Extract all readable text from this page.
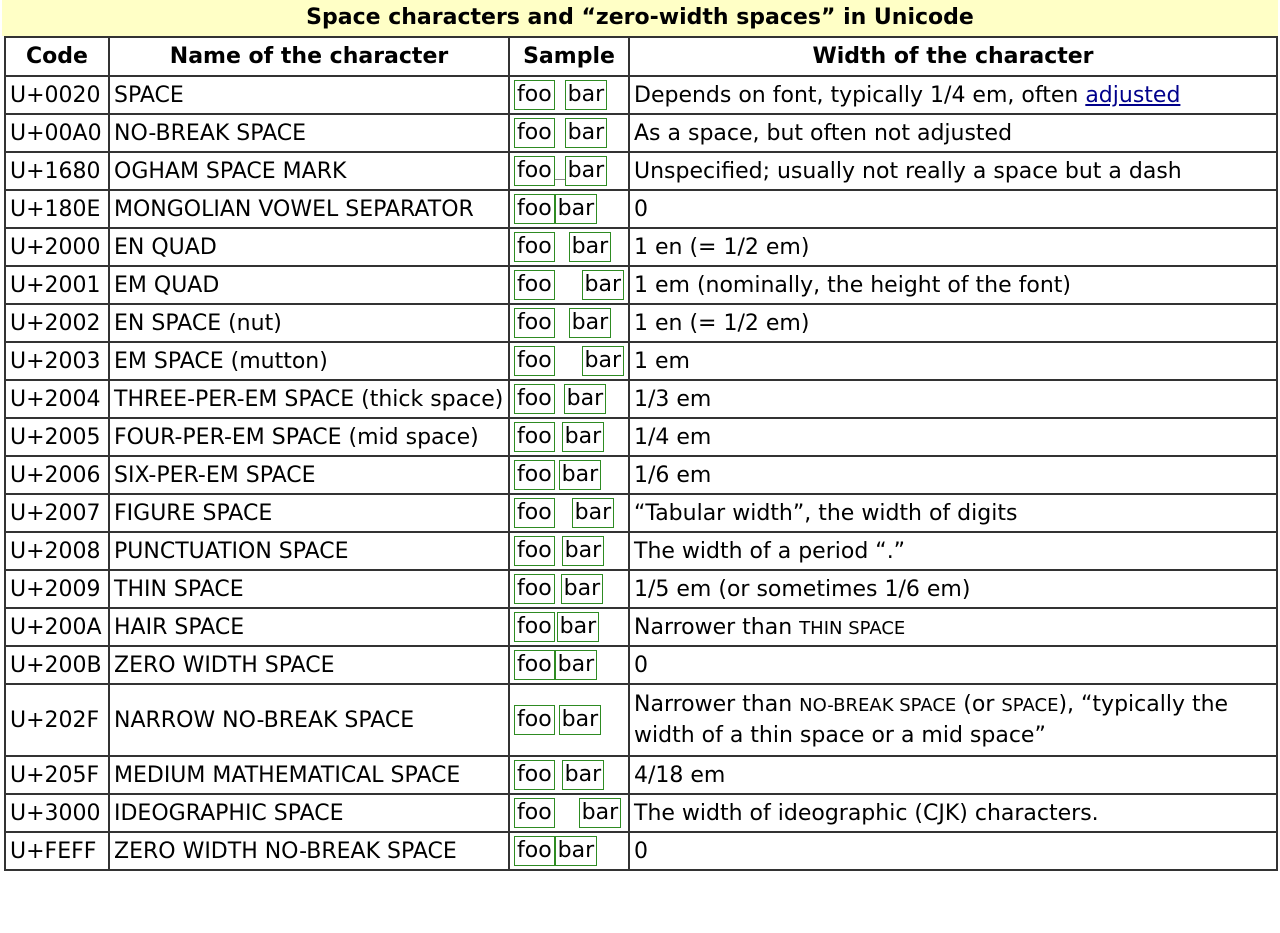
Space characters and “zero-width spaces” in Unicode
Code	Name of the character	Sample	Width of the character
U+0020	SPACE	foo bar	Depends on font, typically 1/4 em, often adjusted
U+00A0	NO-BREAK SPACE	foo bar	As a space, but often not adjusted
U+1680	OGHAM SPACE MARK	foo bar	Unspecified; usually not really a space but a dash
U+180E	MONGOLIAN VOWEL SEPARATOR	foo bar	0
U+2000	EN QUAD	foo bar	1 en (= 1/2 em)
U+2001	EM QUAD	foo bar	1 em (nominally, the height of the font)
U+2002	EN SPACE (nut)	foo bar	1 en (= 1/2 em)
U+2003	EM SPACE (mutton)	foo bar	1 em
U+2004	THREE-PER-EM SPACE (thick space)	foo bar	1/3 em
U+2005	FOUR-PER-EM SPACE (mid space)	foo bar	1/4 em
U+2006	SIX-PER-EM SPACE	foo bar	1/6 em
U+2007	FIGURE SPACE	foo bar	“Tabular width”, the width of digits
U+2008	PUNCTUATION SPACE	foo bar	The width of a period “.”
U+2009	THIN SPACE	foo bar	1/5 em (or sometimes 1/6 em)
U+200A	HAIR SPACE	foo bar	Narrower than THIN SPACE
U+200B	ZERO WIDTH SPACE	foo bar	0
U+202F	NARROW NO-BREAK SPACE	foo bar	Narrower than NO-BREAK SPACE (or SPACE), “typically the width of a thin space or a mid space”
U+205F	MEDIUM MATHEMATICAL SPACE	foo bar	4/18 em
U+3000	IDEOGRAPHIC SPACE	foo bar	The width of ideographic (CJK) characters.
U+FEFF	ZERO WIDTH NO-BREAK SPACE	foo bar	0
